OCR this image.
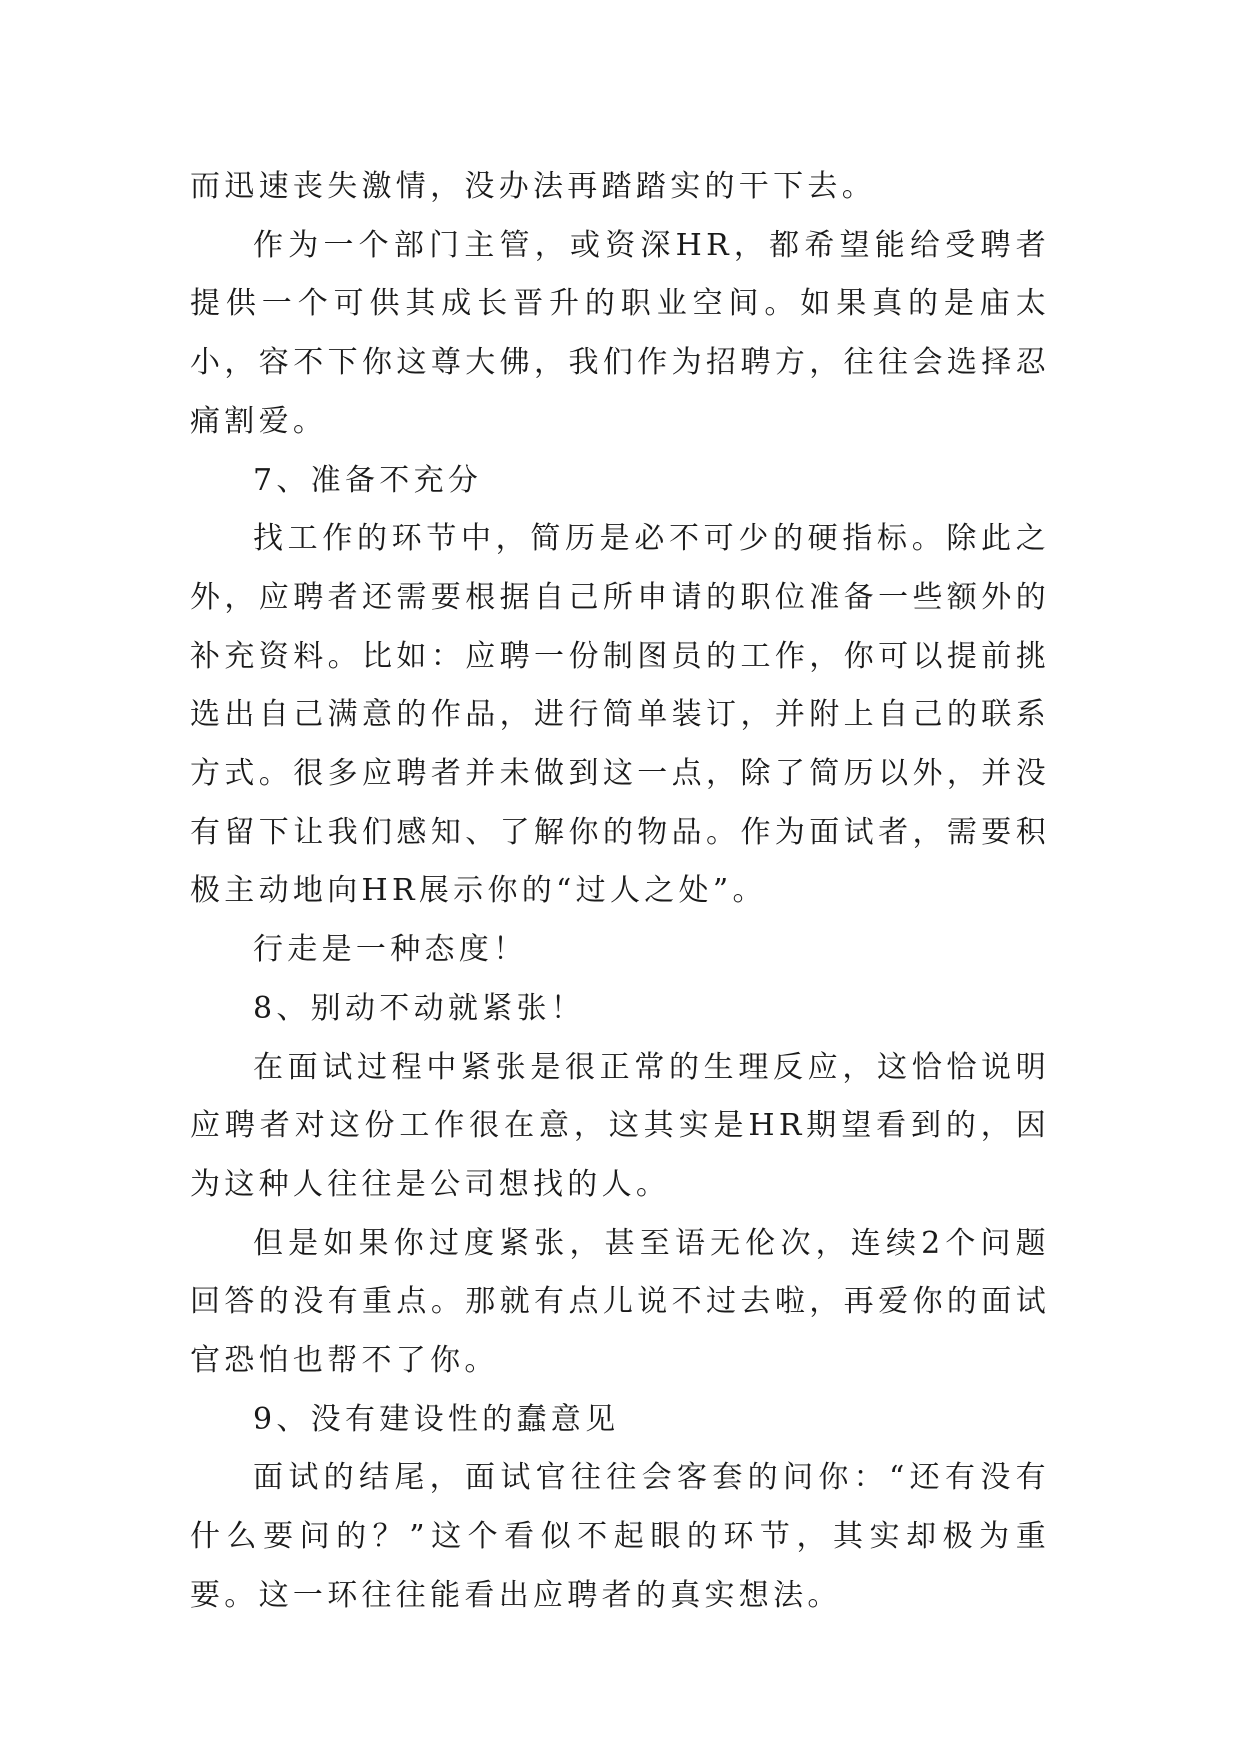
而迅速丧失激情，没办法再踏踏实的干下去。

作为一个部门主管，或资深HR，都希望能给受聘者提供一个可供其成长晋升的职业空间。如果真的是庙太小，容不下你这尊大佛，我们作为招聘方，往往会选择忍痛割爱。

7、准备不充分

找工作的环节中，简历是必不可少的硬指标。除此之外，应聘者还需要根据自己所申请的职位准备一些额外的补充资料。比如：应聘一份制图员的工作，你可以提前挑选出自己满意的作品，进行简单装订，并附上自己的联系方式。很多应聘者并未做到这一点，除了简历以外，并没有留下让我们感知、了解你的物品。作为面试者，需要积极主动地向HR展示你的“过人之处”。

行走是一种态度！

8、别动不动就紧张！

在面试过程中紧张是很正常的生理反应，这恰恰说明应聘者对这份工作很在意，这其实是HR期望看到的，因为这种人往往是公司想找的人。

但是如果你过度紧张，甚至语无伦次，连续2个问题回答的没有重点。那就有点儿说不过去啦，再爱你的面试官恐怕也帮不了你。

9、没有建设性的蠢意见

面试的结尾，面试官往往会客套的问你：“还有没有什么要问的？”这个看似不起眼的环节，其实却极为重要。这一环往往能看出应聘者的真实想法。
